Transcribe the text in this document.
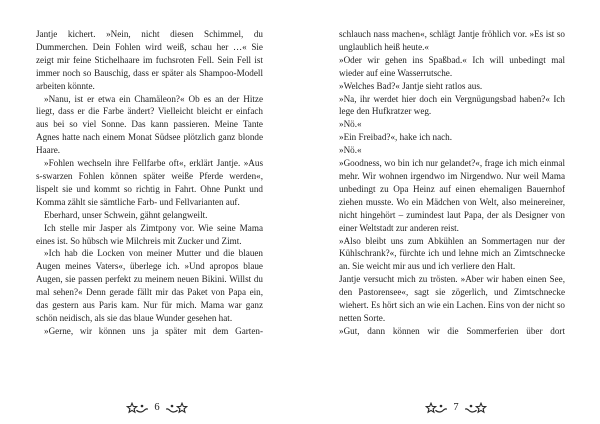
Jantje kichert. »Nein, nicht diesen Schimmel, du Dummerchen. Dein Fohlen wird weiß, schau her …« Sie zeigt mir feine Stichelhaare im fuchsroten Fell. Sein Fell ist immer noch so Bauschig, dass er später als Shampoo-Modell arbeiten könnte.

»Nanu, ist er etwa ein Chamäleon?« Ob es an der Hitze liegt, dass er die Farbe ändert? Vielleicht bleicht er einfach aus bei so viel Sonne. Das kann passieren. Meine Tante Agnes hatte nach einem Monat Südsee plötzlich ganz blonde Haare.

»Fohlen wechseln ihre Fellfarbe oft«, erklärt Jantje. »Aus s-swarzen Fohlen können später weiße Pferde werden«, lispelt sie und kommt so richtig in Fahrt. Ohne Punkt und Komma zählt sie sämtliche Farb- und Fellvarianten auf.

Eberhard, unser Schwein, gähnt gelangweilt.

Ich stelle mir Jasper als Zimtpony vor. Wie seine Mama eines ist. So hübsch wie Milchreis mit Zucker und Zimt.

»Ich hab die Locken von meiner Mutter und die blauen Augen meines Vaters«, überlege ich. »Und apropos blaue Augen, sie passen perfekt zu meinem neuen Bikini. Willst du mal sehen?« Denn gerade fällt mir das Paket von Papa ein, das gestern aus Paris kam. Nur für mich. Mama war ganz schön neidisch, als sie das blaue Wunder gesehen hat.

»Gerne, wir können uns ja später mit dem Garten-

6

schlauch nass machen«, schlägt Jantje fröhlich vor. »Es ist so unglaublich heiß heute.«

»Oder wir gehen ins Spaßbad.« Ich will unbedingt mal wieder auf eine Wasserrutsche.

»Welches Bad?« Jantje sieht ratlos aus.

»Na, ihr werdet hier doch ein Vergnügungsbad haben?« Ich lege den Hufkratzer weg.

»Nö.«

»Ein Freibad?«, hake ich nach.

»Nö.«

»Goodness, wo bin ich nur gelandet?«, frage ich mich einmal mehr. Wir wohnen irgendwo im Nirgendwo. Nur weil Mama unbedingt zu Opa Heinz auf einen ehemaligen Bauernhof ziehen musste. Wo ein Mädchen von Welt, also meinereiner, nicht hingehört – zumindest laut Papa, der als Designer von einer Weltstadt zur anderen reist.

»Also bleibt uns zum Abkühlen an Sommertagen nur der Kühlschrank?«, fürchte ich und lehne mich an Zimtschnecke an. Sie weicht mir aus und ich verliere den Halt.

Jantje versucht mich zu trösten. »Aber wir haben einen See, den Pastorensee«, sagt sie zögerlich, und Zimtschnecke wiehert. Es hört sich an wie ein Lachen. Eins von der nicht so netten Sorte.

»Gut, dann können wir die Sommerferien über dort

7
